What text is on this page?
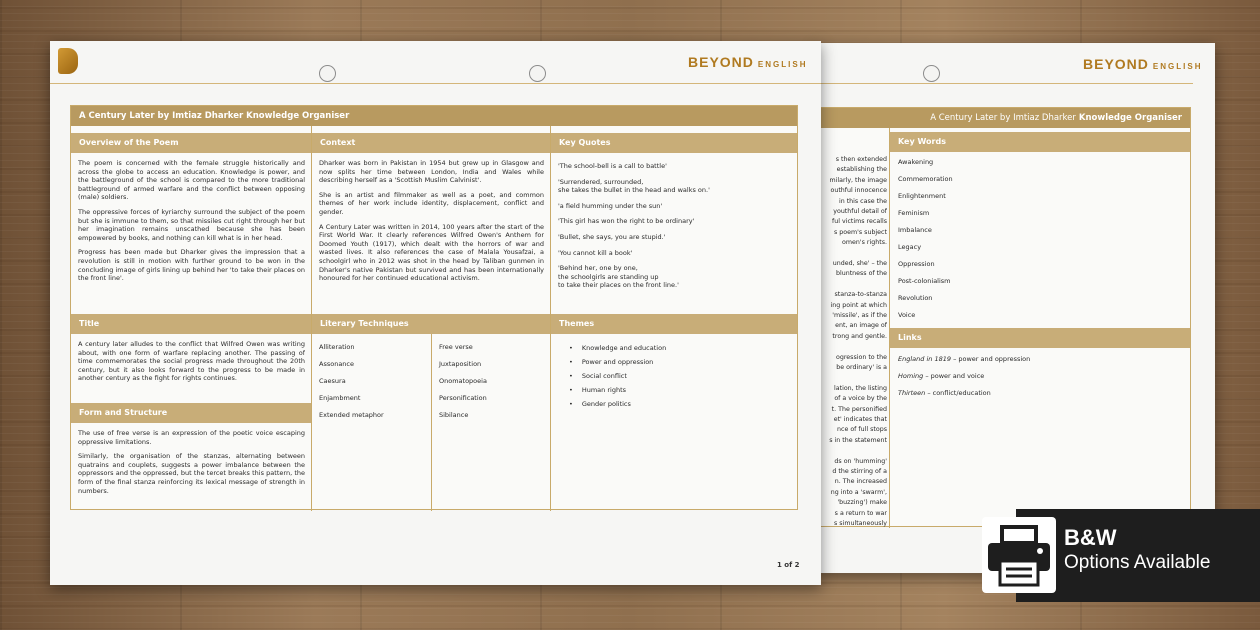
BEYOND ENGLISH
A Century Later by Imtiaz Dharker Knowledge Organiser
s then extended
establishing the
milarly, the image
outhful innocence
in this case the
youthful detail of
ful victims recalls
s poem's subject
omen's rights.
unded, she' – the
bluntness of the
stanza-to-stanza
ing point at which
'missile', as if the
ent, an image of
trong and gentle.
ogression to the
be ordinary' is a
lation, the listing
of a voice by the
t. The personified
et' indicates that
nce of full stops
s in the statement
ds on 'humming'
d the stirring of a
n. The increased
ng into a 'swarm',
'buzzing') make
s a return to war
s simultaneously
Key Words
Awakening
Commemoration
Enlightenment
Feminism
Imbalance
Legacy
Oppression
Post-colonialism
Revolution
Voice
Links
England in 1819 – power and oppression
Homing – power and voice
Thirteen – conflict/education
BEYOND ENGLISH
A Century Later by Imtiaz Dharker Knowledge Organiser
Overview of the Poem	Context	Key Quotes

The poem is concerned with the female struggle historically and across the globe to access an education. Knowledge is power, and the battleground of the school is compared to the more traditional battleground of armed warfare and the conflict between opposing (male) soldiers.

The oppressive forces of kyriarchy surround the subject of the poem but she is immune to them, so that missiles cut right through her but her imagination remains unscathed because she has been empowered by books, and nothing can kill what is in her head.

Progress has been made but Dharker gives the impression that a revolution is still in motion with further ground to be won in the concluding image of girls lining up behind her 'to take their places on the front line'.

Dharker was born in Pakistan in 1954 but grew up in Glasgow and now splits her time between London, India and Wales while describing herself as a 'Scottish Muslim Calvinist'.

She is an artist and filmmaker as well as a poet, and common themes of her work include identity, displacement, conflict and gender.

A Century Later was written in 2014, 100 years after the start of the First World War. It clearly references Wilfred Owen's Anthem for Doomed Youth (1917), which dealt with the horrors of war and wasted lives. It also references the case of Malala Yousafzai, a schoolgirl who in 2012 was shot in the head by Taliban gunmen in Dharker's native Pakistan but survived and has been internationally honoured for her continued educational activism.

'The school-bell is a call to battle'
'Surrendered, surrounded,
she takes the bullet in the head and walks on.'
'a field humming under the sun'
'This girl has won the right to be ordinary'
'Bullet, she says, you are stupid.'
'You cannot kill a book'
'Behind her, one by one,
the schoolgirls are standing up
to take their places on the front line.'
Title	Literary Techniques	Themes
A century later alludes to the conflict that Wilfred Owen was writing about, with one form of warfare replacing another. The passing of time commemorates the social progress made throughout the 20th century, but it also looks forward to the progress to be made in another century as the fight for rights continues.
Alliteration
Assonance
Caesura
Enjambment
Extended metaphor
Free verse
Juxtaposition
Onomatopoeia
Personification
Sibilance
• Knowledge and education
• Power and oppression
• Social conflict
• Human rights
• Gender politics
Form and Structure

The use of free verse is an expression of the poetic voice escaping oppressive limitations.

Similarly, the organisation of the stanzas, alternating between quatrains and couplets, suggests a power imbalance between the oppressors and the oppressed, but the tercet breaks this pattern, the form of the final stanza reinforcing its lexical message of strength in numbers.

1 of 2
B&W
Options Available
